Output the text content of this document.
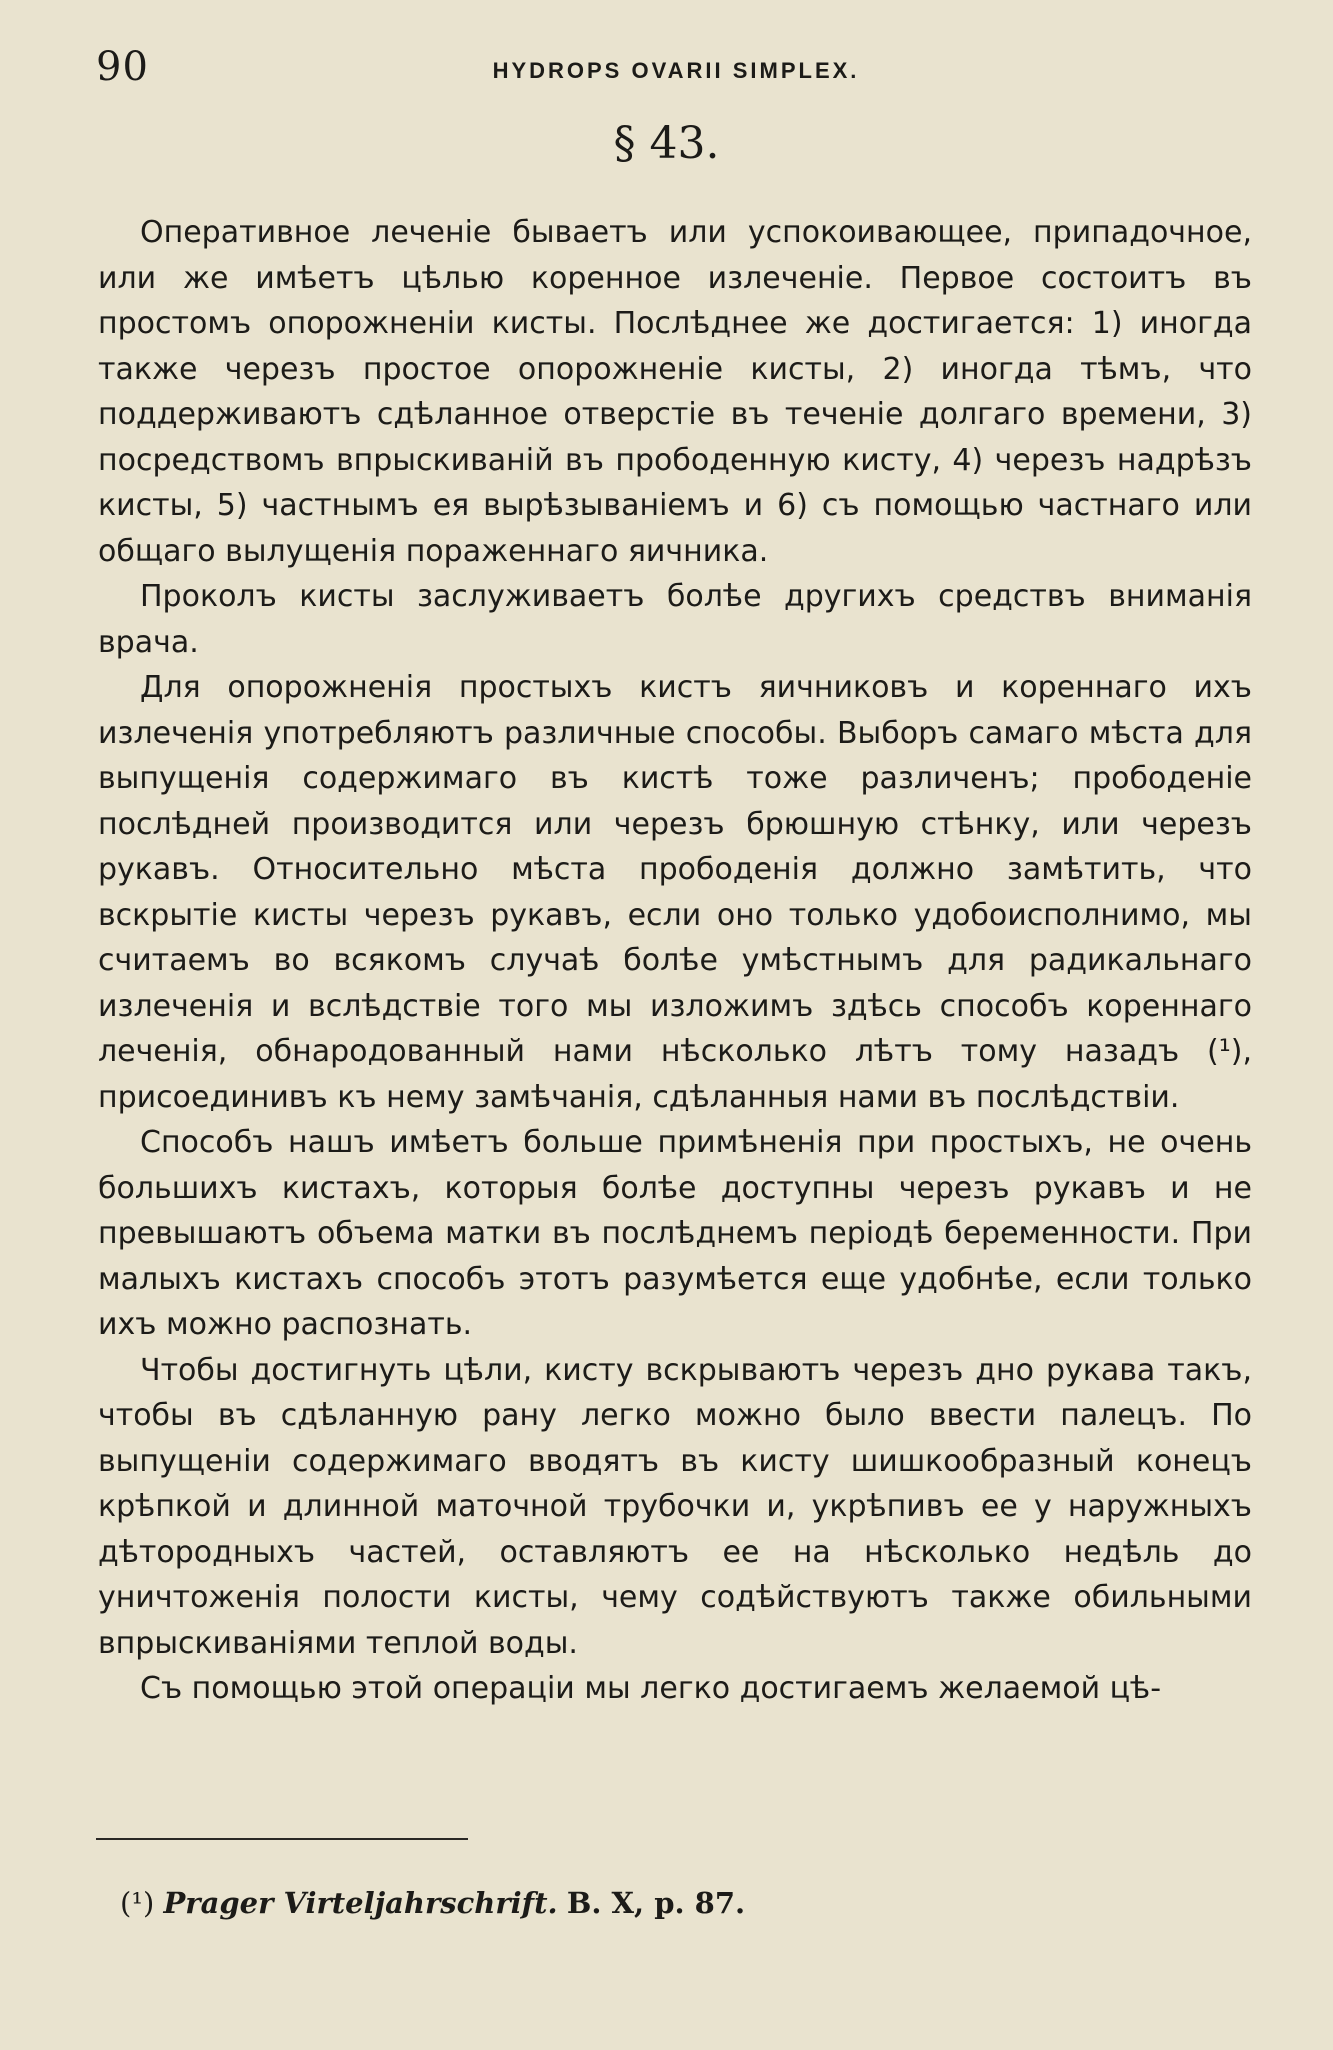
90	HYDROPS OVARII SIMPLEX.
§ 43.

Оперативное леченіе бываетъ или успокоивающее, припадочное, или же имѣетъ цѣлью коренное излеченіе. Первое состоитъ въ простомъ опорожненіи кисты. Послѣднее же достигается: 1) иногда также черезъ простое опорожненіе кисты, 2) иногда тѣмъ, что поддерживаютъ сдѣланное отверстіе въ теченіе долгаго времени, 3) посредствомъ впрыскиваній въ прободенную кисту, 4) черезъ надрѣзъ кисты, 5) частнымъ ея вырѣзываніемъ и 6) съ помощью частнаго или общаго вылущенія пораженнаго яичника.

Проколъ кисты заслуживаетъ болѣе другихъ средствъ вниманія врача.

Для опорожненія простыхъ кистъ яичниковъ и кореннаго ихъ излеченія употребляютъ различные способы. Выборъ самаго мѣста для выпущенія содержимаго въ кистѣ тоже различенъ; прободеніе послѣдней производится или черезъ брюшную стѣнку, или черезъ рукавъ. Относительно мѣста прободенія должно замѣтить, что вскрытіе кисты черезъ рукавъ, если оно только удобоисполнимо, мы считаемъ во всякомъ случаѣ болѣе умѣстнымъ для радикальнаго излеченія и вслѣдствіе того мы изложимъ здѣсь способъ кореннаго леченія, обнародованный нами нѣсколько лѣтъ тому назадъ (¹), присоединивъ къ нему замѣчанія, сдѣланныя нами въ послѣдствіи.

Способъ нашъ имѣетъ больше примѣненія при простыхъ, не очень большихъ кистахъ, которыя болѣе доступны черезъ рукавъ и не превышаютъ объема матки въ послѣднемъ періодѣ беременности. При малыхъ кистахъ способъ этотъ разумѣется еще удобнѣе, если только ихъ можно распознать.

Чтобы достигнуть цѣли, кисту вскрываютъ черезъ дно рукава такъ, чтобы въ сдѣланную рану легко можно было ввести палецъ. По выпущеніи содержимаго вводятъ въ кисту шишкообразный конецъ крѣпкой и длинной маточной трубочки и, укрѣпивъ ее у наружныхъ дѣтородныхъ частей, оставляютъ ее на нѣсколько недѣль до уничтоженія полости кисты, чему содѣйствуютъ также обильными впрыскиваніями теплой воды.

Съ помощью этой операціи мы легко достигаемъ желаемой цѣ-

(¹) Prager Virteljahrschrift. B. X, p. 87.
